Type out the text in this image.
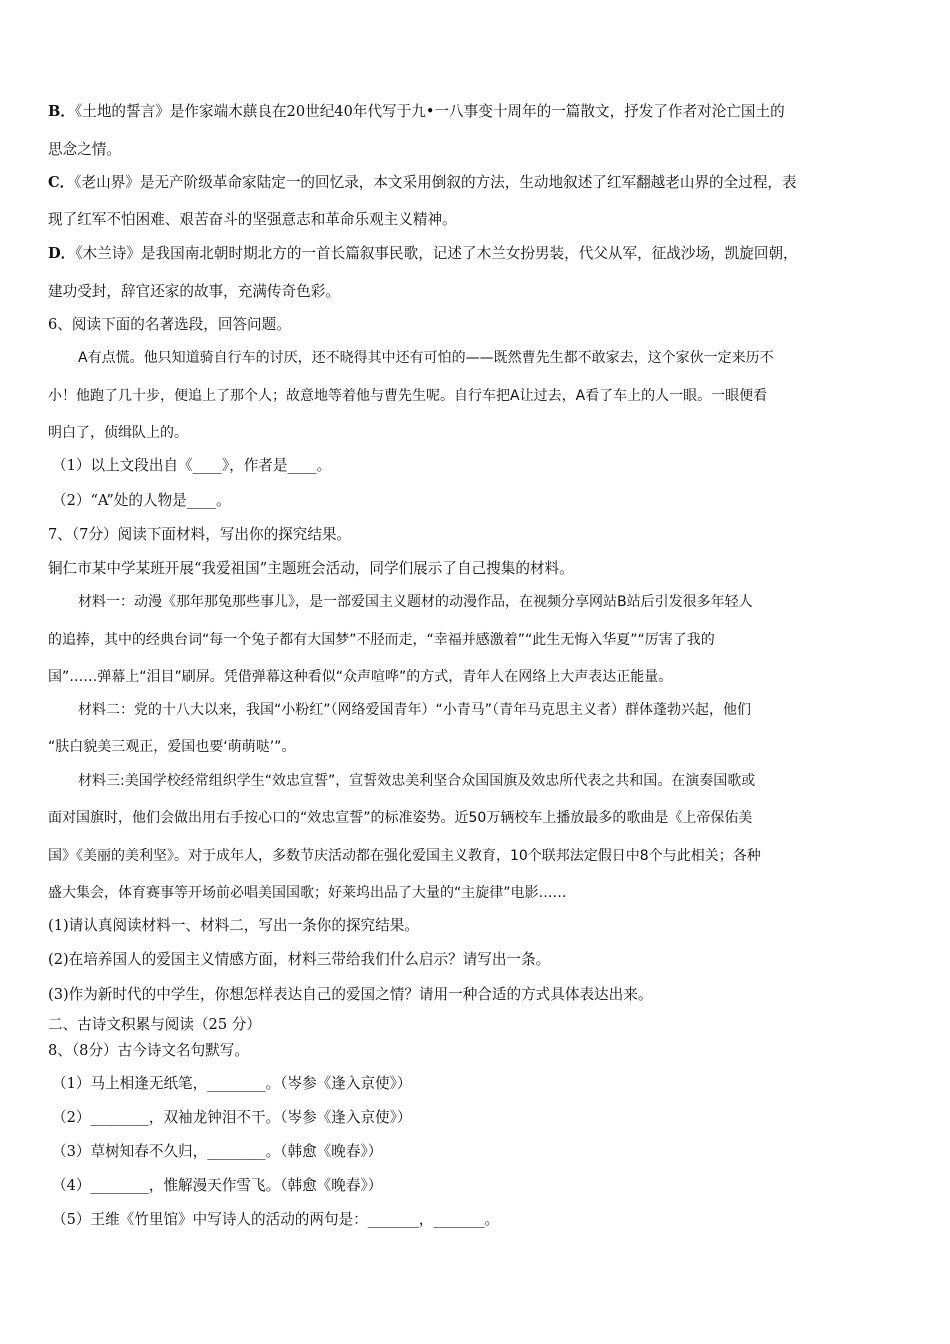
B．《土地的誓言》是作家端木蕻良在20世纪40年代写于九•一八事变十周年的一篇散文，抒发了作者对沦亡国土的
思念之情。
C．《老山界》是无产阶级革命家陆定一的回忆录，本文采用倒叙的方法，生动地叙述了红军翻越老山界的全过程，表
现了红军不怕困难、艰苦奋斗的坚强意志和革命乐观主义精神。
D．《木兰诗》是我国南北朝时期北方的一首长篇叙事民歌，记述了木兰女扮男装，代父从军，征战沙场，凯旋回朝，
建功受封，辞官还家的故事，充满传奇色彩。
6、阅读下面的名著选段，回答问题。
A有点慌。他只知道骑自行车的讨厌，还不晓得其中还有可怕的——既然曹先生都不敢家去，这个家伙一定来历不
小！他跑了几十步，便追上了那个人；故意地等着他与曹先生呢。自行车把A让过去，A看了车上的人一眼。一眼便看
明白了，侦缉队上的。
（1）以上文段出自《____》，作者是____。
（2）“A”处的人物是____。
7、（7分）阅读下面材料，写出你的探究结果。
铜仁市某中学某班开展“我爱祖国”主题班会活动，同学们展示了自己搜集的材料。
材料一：动漫《那年那兔那些事儿》，是一部爱国主义题材的动漫作品，在视频分享网站B站后引发很多年轻人
的追捧，其中的经典台词“每一个兔子都有大国梦”不胫而走，“幸福并感激着”“此生无悔入华夏”“厉害了我的
国”……弹幕上“泪目”刷屏。凭借弹幕这种看似“众声喧哗”的方式，青年人在网络上大声表达正能量。
材料二：党的十八大以来，我国“小粉红”（网络爱国青年）“小青马”（青年马克思主义者）群体蓬勃兴起，他们
“肤白貌美三观正，爱国也要‘萌萌哒’”。
材料三:美国学校经常组织学生“效忠宣誓”，宣誓效忠美利坚合众国国旗及效忠所代表之共和国。在演奏国歌或
面对国旗时，他们会做出用右手按心口的“效忠宣誓”的标准姿势。近50万辆校车上播放最多的歌曲是《上帝保佑美
国》《美丽的美利坚》。对于成年人，多数节庆活动都在强化爱国主义教育，10个联邦法定假日中8个与此相关；各种
盛大集会，体育赛事等开场前必唱美国国歌；好莱坞出品了大量的“主旋律”电影……
(1)请认真阅读材料一、材料二，写出一条你的探究结果。
(2)在培养国人的爱国主义情感方面，材料三带给我们什么启示？请写出一条。
(3)作为新时代的中学生，你想怎样表达自己的爱国之情？请用一种合适的方式具体表达出来。
二、古诗文积累与阅读（25 分）
8、（8分）古今诗文名句默写。
（1）马上相逢无纸笔，________。（岑参《逢入京使》）
（2）________，双袖龙钟泪不干。（岑参《逢入京使》）
（3）草树知春不久归，________。（韩愈《晚春》）
（4）________，惟解漫天作雪飞。（韩愈《晚春》）
（5）王维《竹里馆》中写诗人的活动的两句是：_______，_______。
